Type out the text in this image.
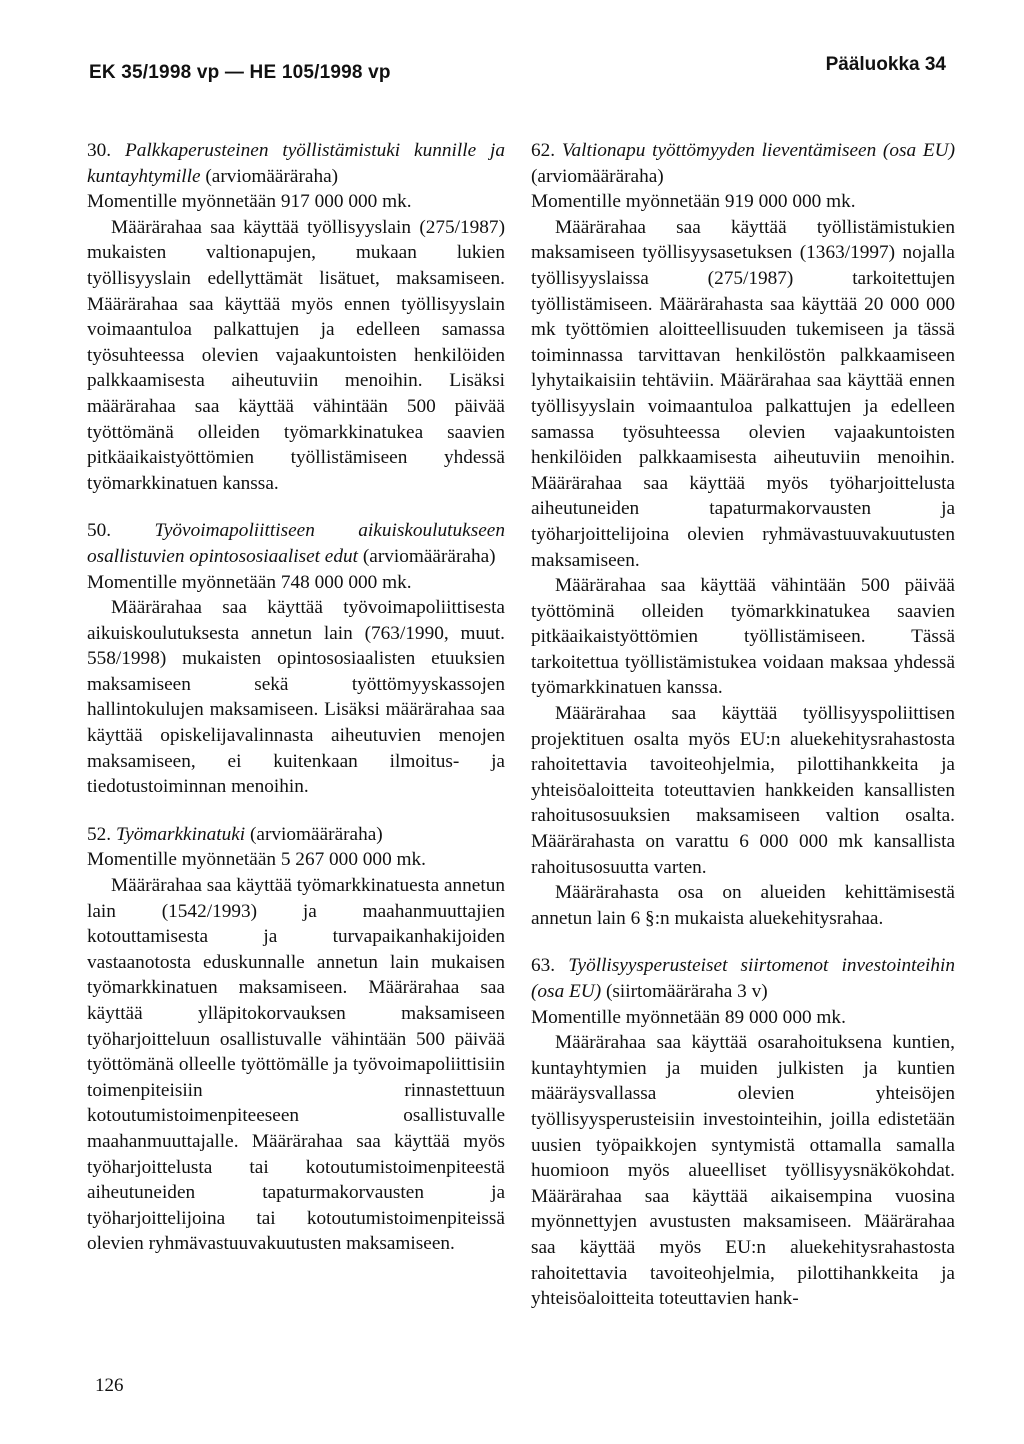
EK 35/1998 vp — HE 105/1998 vp	Pääluokka 34

30. Palkkaperusteinen työllistämistuki kunnille ja kuntayhtymille (arviomääräraha)

Momentille myönnetään 917 000 000 mk.

Määrärahaa saa käyttää työllisyyslain (275/1987) mukaisten valtionapujen, mukaan lukien työllisyyslain edellyttämät lisätuet, maksamiseen. Määrärahaa saa käyttää myös ennen työllisyyslain voimaantuloa palkattujen ja edelleen samassa työsuhteessa olevien vajaakuntoisten henkilöiden palkkaamisesta aiheutuviin menoihin. Lisäksi määrärahaa saa käyttää vähintään 500 päivää työttömänä olleiden työmarkkinatukea saavien pitkäaikaistyöttömien työllistämiseen yhdessä työmarkkinatuen kanssa.

50. Työvoimapoliittiseen aikuiskoulutukseen osallistuvien opintososiaaliset edut (arviomääräraha)

Momentille myönnetään 748 000 000 mk.

Määrärahaa saa käyttää työvoimapoliittisesta aikuiskoulutuksesta annetun lain (763/1990, muut. 558/1998) mukaisten opintososiaalisten etuuksien maksamiseen sekä työttömyyskassojen hallintokulujen maksamiseen. Lisäksi määrärahaa saa käyttää opiskelijavalinnasta aiheutuvien menojen maksamiseen, ei kuitenkaan ilmoitus- ja tiedotustoiminnan menoihin.

52. Työmarkkinatuki (arviomääräraha)

Momentille myönnetään 5 267 000 000 mk.

Määrärahaa saa käyttää työmarkkinatuesta annetun lain (1542/1993) ja maahanmuuttajien kotouttamisesta ja turvapaikanhakijoiden vastaanotosta eduskunnalle annetun lain mukaisen työmarkkinatuen maksamiseen. Määrärahaa saa käyttää ylläpitokorvauksen maksamiseen työharjoitteluun osallistuvalle vähintään 500 päivää työttömänä olleelle työttömälle ja työvoimapoliittisiin toimenpiteisiin rinnastettuun kotoutumistoimenpiteeseen osallistuvalle maahanmuuttajalle. Määrärahaa saa käyttää myös työharjoittelusta tai kotoutumistoimenpiteestä aiheutuneiden tapaturmakorvausten ja työharjoittelijoina tai kotoutumistoimenpiteissä olevien ryhmävastuuvakuutusten maksamiseen.

62. Valtionapu työttömyyden lieventämiseen (osa EU) (arviomääräraha)

Momentille myönnetään 919 000 000 mk.

Määrärahaa saa käyttää työllistämistukien maksamiseen työllisyysasetuksen (1363/1997) nojalla työllisyyslaissa (275/1987) tarkoitettujen työllistämiseen. Määrärahasta saa käyttää 20 000 000 mk työttömien aloitteellisuuden tukemiseen ja tässä toiminnassa tarvittavan henkilöstön palkkaamiseen lyhytaikaisiin tehtäviin. Määrärahaa saa käyttää ennen työllisyyslain voimaantuloa palkattujen ja edelleen samassa työsuhteessa olevien vajaakuntoisten henkilöiden palkkaamisesta aiheutuviin menoihin. Määrärahaa saa käyttää myös työharjoittelusta aiheutuneiden tapaturmakorvausten ja työharjoittelijoina olevien ryhmävastuuvakuutusten maksamiseen.

Määrärahaa saa käyttää vähintään 500 päivää työttöminä olleiden työmarkkinatukea saavien pitkäaikaistyöttömien työllistämiseen. Tässä tarkoitettua työllistämistukea voidaan maksaa yhdessä työmarkkinatuen kanssa.

Määrärahaa saa käyttää työllisyyspoliittisen projektituen osalta myös EU:n aluekehitysrahastosta rahoitettavia tavoiteohjelmia, pilottihankkeita ja yhteisöaloitteita toteuttavien hankkeiden kansallisten rahoitusosuuksien maksamiseen valtion osalta. Määrärahasta on varattu 6 000 000 mk kansallista rahoitusosuutta varten.

Määrärahasta osa on alueiden kehittämisestä annetun lain 6 §:n mukaista aluekehitysrahaa.

63. Työllisyysperusteiset siirtomenot investointeihin (osa EU) (siirtomääräraha 3 v)

Momentille myönnetään 89 000 000 mk.

Määrärahaa saa käyttää osarahoituksena kuntien, kuntayhtymien ja muiden julkisten ja kuntien määräysvallassa olevien yhteisöjen työllisyysperusteisiin investointeihin, joilla edistetään uusien työpaikkojen syntymistä ottamalla samalla huomioon myös alueelliset työllisyysnäkökohdat. Määrärahaa saa käyttää aikaisempina vuosina myönnettyjen avustusten maksamiseen. Määrärahaa saa käyttää myös EU:n aluekehitysrahastosta rahoitettavia tavoiteohjelmia, pilottihankkeita ja yhteisöaloitteita toteuttavien hank-

126
